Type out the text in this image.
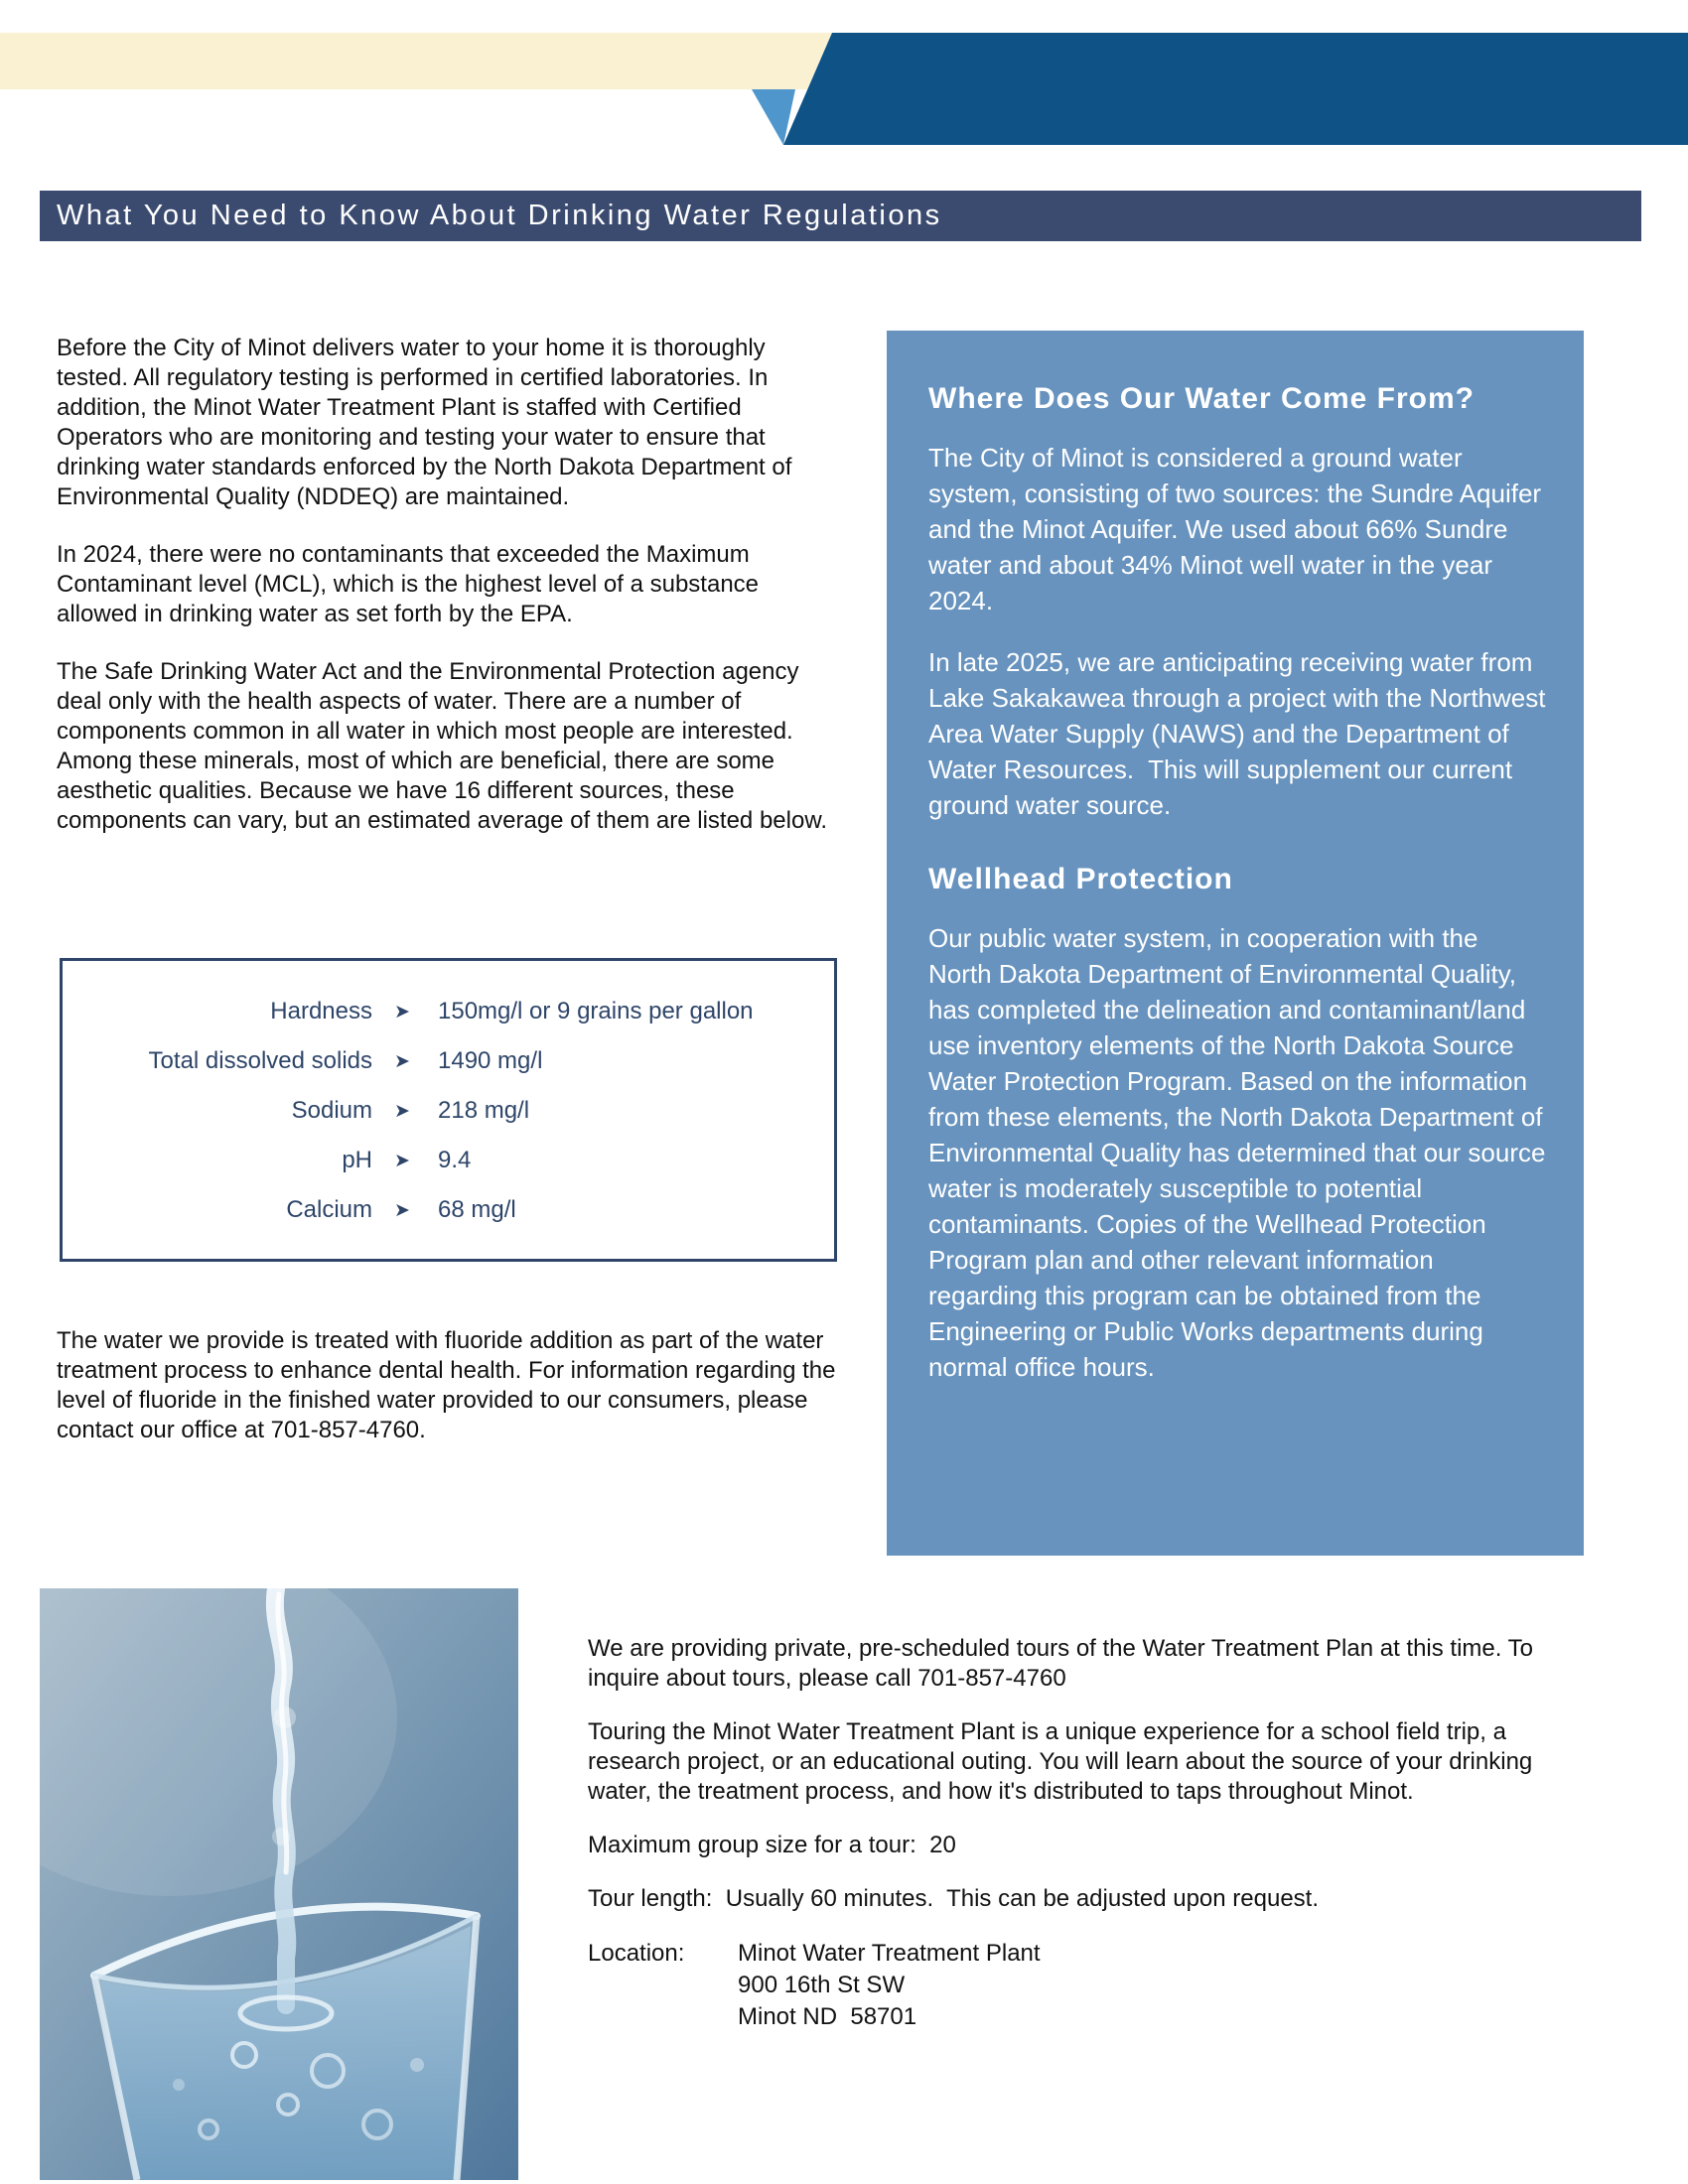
What You Need to Know About Drinking Water Regulations

Before the City of Minot delivers water to your home it is thoroughly tested. All regulatory testing is performed in certified laboratories. In addition, the Minot Water Treatment Plant is staffed with Certified Operators who are monitoring and testing your water to ensure that drinking water standards enforced by the North Dakota Department of Environmental Quality (NDDEQ) are maintained.

In 2024, there were no contaminants that exceeded the Maximum Contaminant level (MCL), which is the highest level of a substance allowed in drinking water as set forth by the EPA.

The Safe Drinking Water Act and the Environmental Protection agency deal only with the health aspects of water. There are a number of components common in all water in which most people are interested.  Among these minerals, most of which are beneficial, there are some aesthetic qualities. Because we have 16 different sources, these components can vary, but an estimated average of them are listed below.

Hardness	➤	150mg/l or 9 grains per gallon
Total dissolved solids	➤	1490 mg/l
Sodium	➤	218 mg/l
pH	➤	9.4
Calcium	➤	68 mg/l

The water we provide is treated with fluoride addition as part of the water treatment process to enhance dental health. For information regarding the level of fluoride in the finished water provided to our consumers, please contact our office at 701-857-4760.

Where Does Our Water Come From?

The City of Minot is considered a ground water system, consisting of two sources: the Sundre Aquifer and the Minot Aquifer. We used about 66% Sundre water and about 34% Minot well water in the year 2024.

In late 2025, we are anticipating receiving water from Lake Sakakawea through a project with the Northwest Area Water Supply (NAWS) and the Department of Water Resources.  This will supplement our current ground water source.

Wellhead Protection

Our public water system, in cooperation with the North Dakota Department of Environmental Quality, has completed the delineation and contaminant/land use inventory elements of the North Dakota Source Water Protection Program. Based on the information from these elements, the North Dakota Department of Environmental Quality has determined that our source water is moderately susceptible to potential contaminants. Copies of the Wellhead Protection Program plan and other relevant information regarding this program can be obtained from the Engineering or Public Works departments during normal office hours.

We are providing private, pre-scheduled tours of the Water Treatment Plan at this time. To inquire about tours, please call 701-857-4760

Touring the Minot Water Treatment Plant is a unique experience for a school field trip, a research project, or an educational outing. You will learn about the source of your drinking water, the treatment process, and how it's distributed to taps throughout Minot.

Maximum group size for a tour:  20

Tour length:  Usually 60 minutes.  This can be adjusted upon request.

Location:	Minot Water Treatment Plant
900 16th St SW
Minot ND  58701
